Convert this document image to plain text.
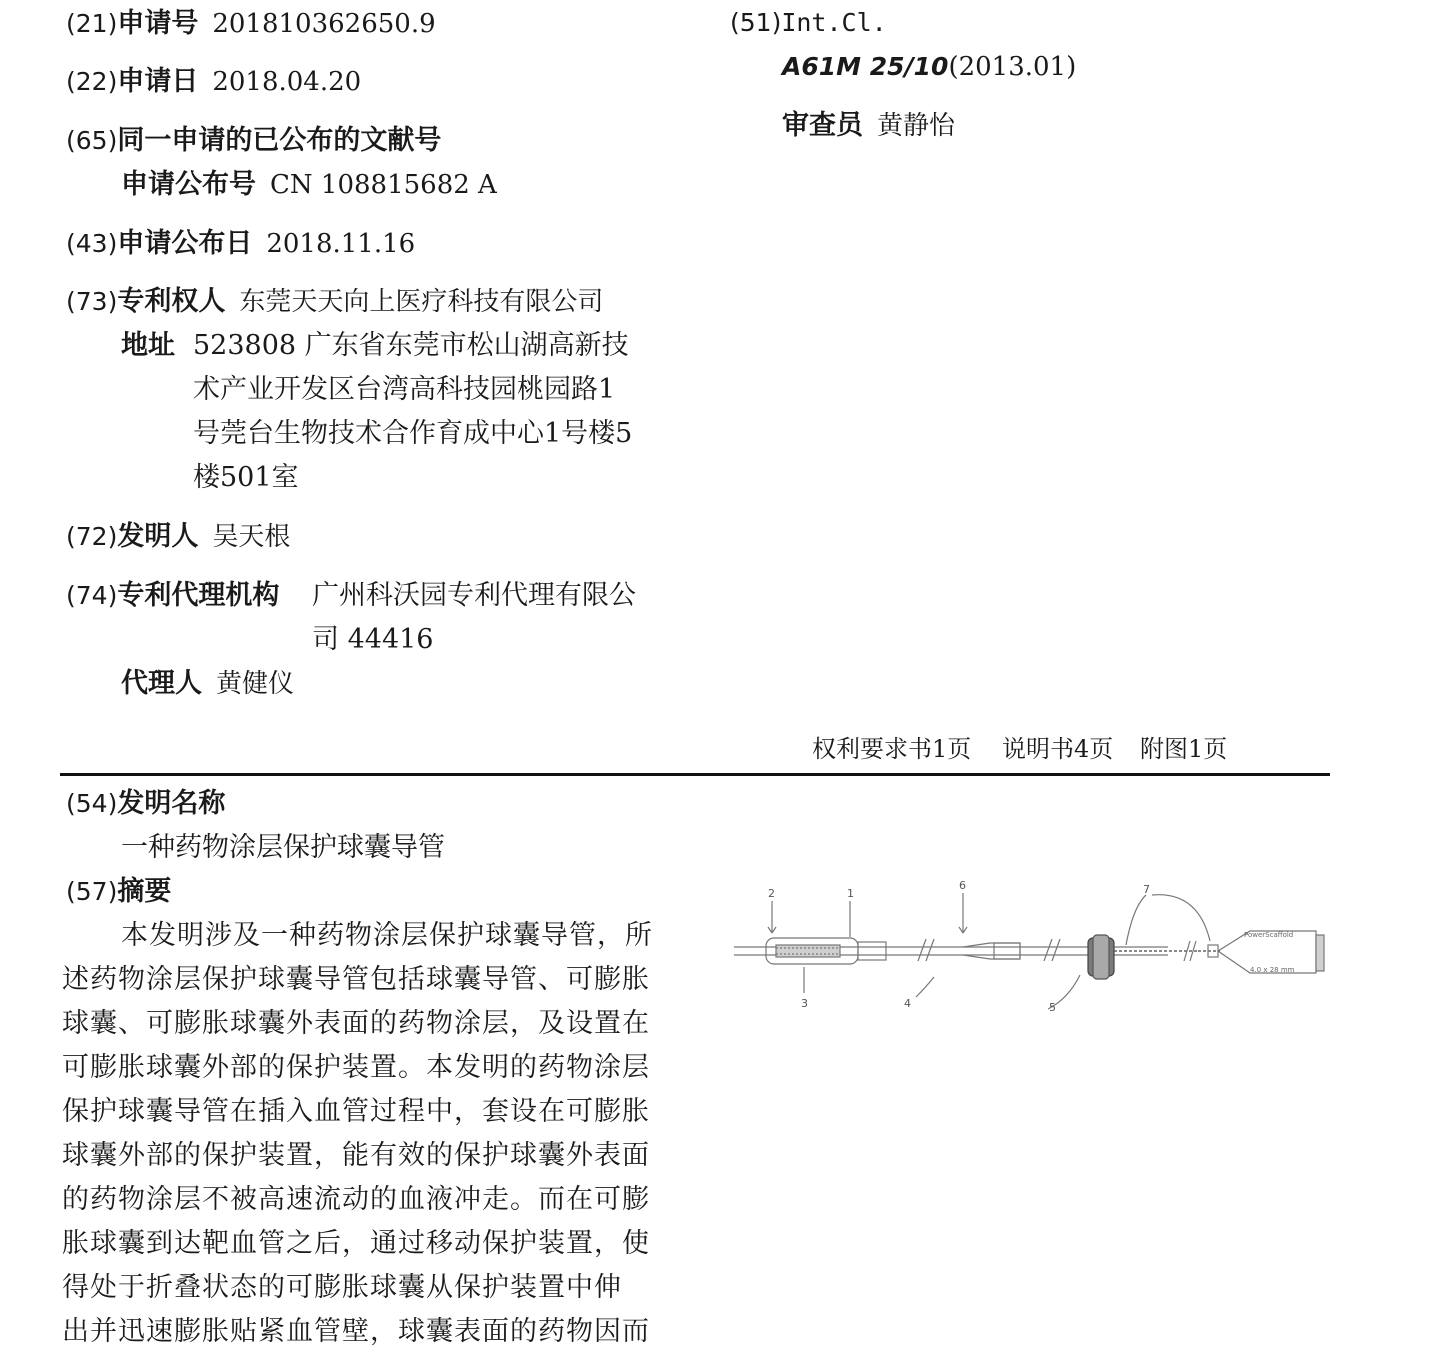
(21)申请号 201810362650.9
(22)申请日 2018.04.20
(65)同一申请的已公布的文献号
申请公布号 CN 108815682 A
(43)申请公布日 2018.11.16
(73)专利权人 东莞天天向上医疗科技有限公司
地址 523808 广东省东莞市松山湖高新技
术产业开发区台湾高科技园桃园路1
号莞台生物技术合作育成中心1号楼5
楼501室
(72)发明人 吴天根
(74)专利代理机构 广州科沃园专利代理有限公
司 44416
代理人 黄健仪
(51)Int.Cl.
A61M 25/10(2013.01)
审查员 黄静怡
权利要求书1页 说明书4页 附图1页
(54)发明名称
一种药物涂层保护球囊导管
(57)摘要
本发明涉及一种药物涂层保护球囊导管，所
述药物涂层保护球囊导管包括球囊导管、可膨胀
球囊、可膨胀球囊外表面的药物涂层，及设置在
可膨胀球囊外部的保护装置。本发明的药物涂层
保护球囊导管在插入血管过程中，套设在可膨胀
球囊外部的保护装置，能有效的保护球囊外表面
的药物涂层不被高速流动的血液冲走。而在可膨
胀球囊到达靶血管之后，通过移动保护装置，使
得处于折叠状态的可膨胀球囊从保护装置中伸
出并迅速膨胀贴紧血管壁，球囊表面的药物因而
2	1
3	4	5
6	7
PowerScaffold
4.0 x 28 mm
